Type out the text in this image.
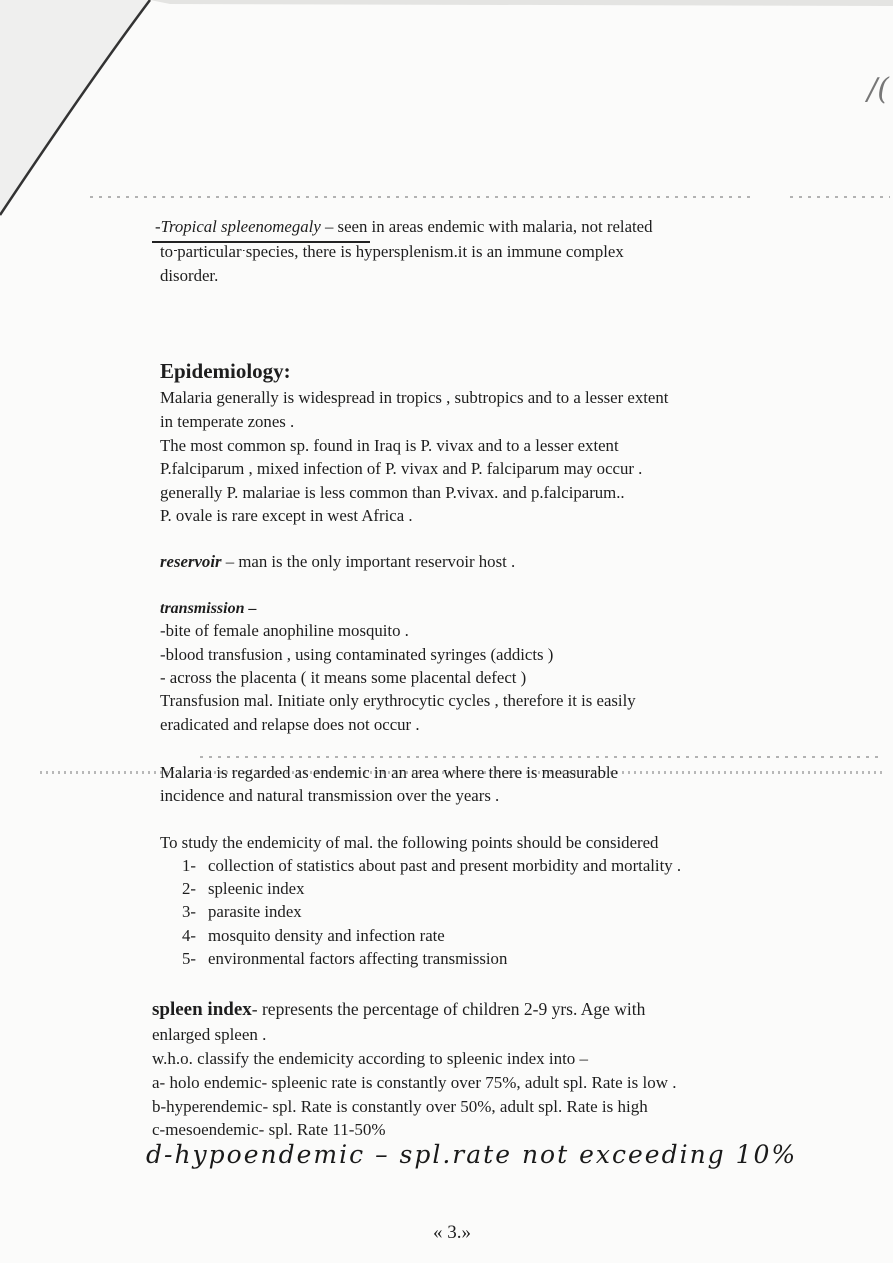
/(
-Tropical spleenomegaly – seen in areas endemic with malaria, not related
to particular species, there is hypersplenism.it is an immune complex
disorder.
Epidemiology:
Malaria generally is widespread in tropics , subtropics and to a lesser extent
in temperate zones .
The most common sp. found in Iraq is P. vivax and to a lesser extent
P.falciparum , mixed infection of P. vivax and P. falciparum may occur .
generally P. malariae is less common than P.vivax. and p.falciparum..
P. ovale is rare except in west Africa .
reservoir – man is the only important reservoir host .
transmission –
-bite of female anophiline mosquito .
-blood transfusion , using contaminated syringes (addicts )
- across the placenta ( it means some placental defect )
Transfusion mal. Initiate only erythrocytic cycles , therefore it is easily
eradicated and relapse does not occur .
Malaria is regarded as endemic in an area where there is measurable
incidence and natural transmission over the years .
To study the endemicity of mal. the following points should be considered
1- collection of statistics about past and present morbidity and mortality .
2- spleenic index
3- parasite index
4- mosquito density and infection rate
5- environmental factors affecting transmission
spleen index- represents the percentage of children 2-9 yrs. Age with
enlarged spleen .
w.h.o. classify the endemicity according to spleenic index into –
a- holo endemic- spleenic rate is constantly over 75%, adult spl. Rate is low .
b-hyperendemic- spl. Rate is constantly over 50%, adult spl. Rate is high
c-mesoendemic- spl. Rate 11-50%
d-hypoendemic – spl.rate not exceeding 10%
« 3.»
